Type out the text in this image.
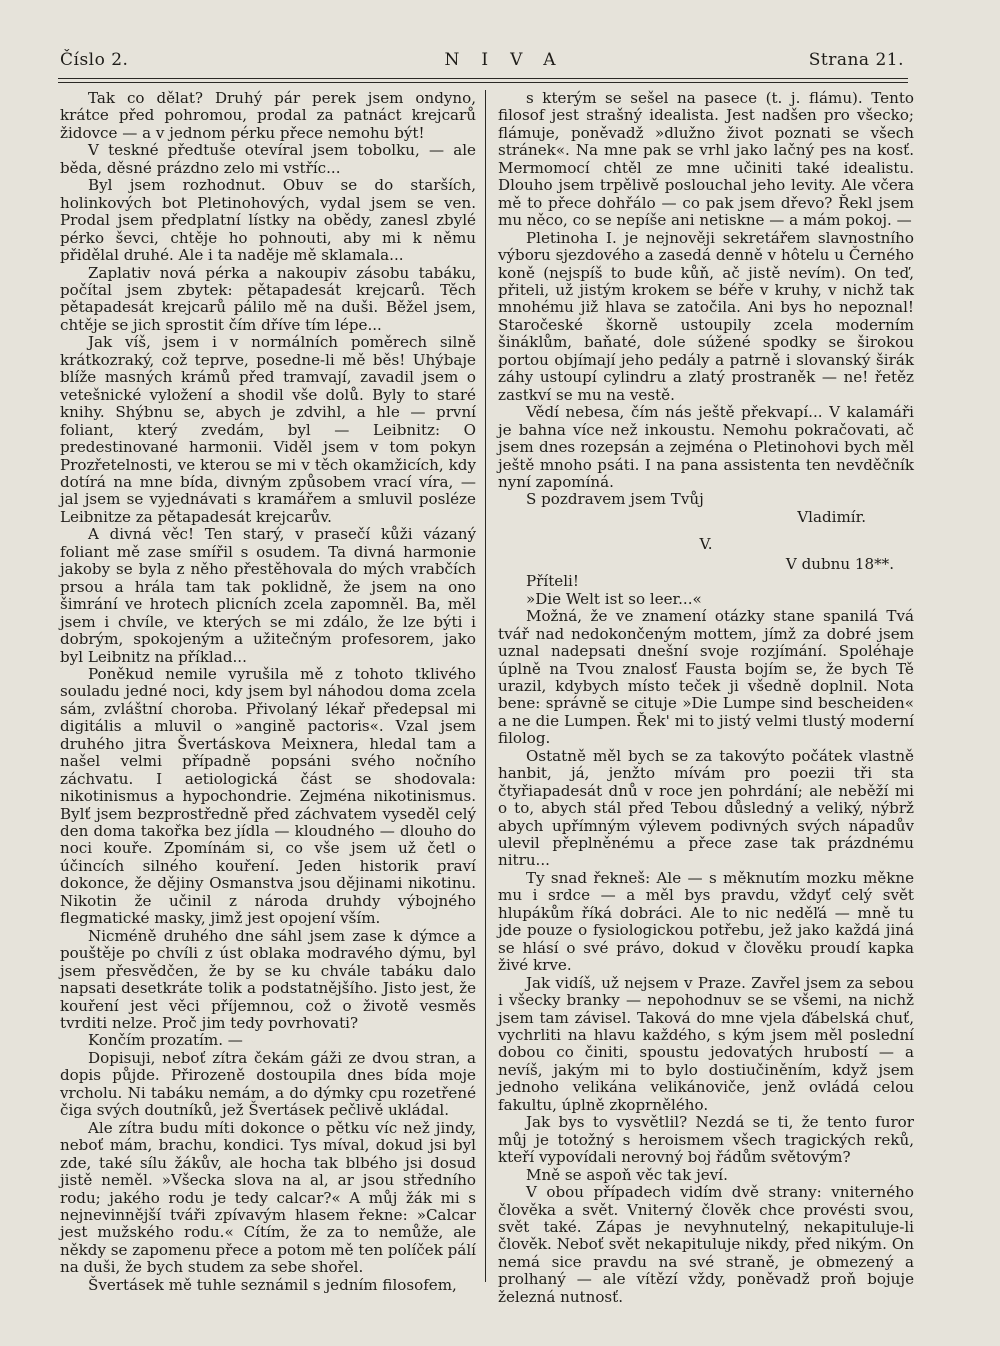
Číslo 2.	NIVA	Strana 21.

Tak co dělat? Druhý pár perek jsem ondyno, krátce před pohromou, prodal za patnáct krejcarů židovce — a v jednom pérku přece nemohu být!

V teskné předtuše otevíral jsem tobolku, — ale běda, děsné prázdno zelo mi vstříc...

Byl jsem rozhodnut. Obuv se do starších, holinkových bot Pletinohových, vydal jsem se ven. Prodal jsem předplatní lístky na obědy, zanesl zbylé pérko ševci, chtěje ho pohnouti, aby mi k němu přidělal druhé. Ale i ta naděje mě sklamala...

Zaplativ nová pérka a nakoupiv zásobu tabáku, počítal jsem zbytek: pětapadesát krejcarů. Těch pětapadesát krejcarů pálilo mě na duši. Běžel jsem, chtěje se jich sprostit čím dříve tím lépe...

Jak víš, jsem i v normálních poměrech silně krátkozraký, což teprve, posedne-li mě běs! Uhýbaje blíže masných krámů před tramvají, zavadil jsem o vetešnické vyložení a shodil vše dolů. Byly to staré knihy. Shýbnu se, abych je zdvihl, a hle — první foliant, který zvedám, byl — Leibnitz: O predestinované harmonii. Viděl jsem v tom pokyn Prozřetelnosti, ve kterou se mi v těch okamžicích, kdy dotírá na mne bída, divným způsobem vrací víra, — jal jsem se vyjednávati s kramářem a smluvil posléze Leibnitze za pětapadesát krejcarův.

A divná věc! Ten starý, v prasečí kůži vázaný foliant mě zase smířil s osudem. Ta divná harmonie jakoby se byla z něho přestěhovala do mých vrabčích prsou a hrála tam tak poklidně, že jsem na ono šimrání ve hrotech plicních zcela zapomněl. Ba, měl jsem i chvíle, ve kterých se mi zdálo, že lze býti i dobrým, spokojeným a užitečným profesorem, jako byl Leibnitz na příklad...

Poněkud nemile vyrušila mě z tohoto tklivého souladu jedné noci, kdy jsem byl náhodou doma zcela sám, zvláštní choroba. Přivolaný lékař předepsal mi digitális a mluvil o »angině pactoris«. Vzal jsem druhého jitra Švertáskova Meixnera, hledal tam a našel velmi případně popsáni svého nočního záchvatu. I aetiologická část se shodovala: nikotinismus a hypochondrie. Zejména nikotinismus. Bylť jsem bezprostředně před záchvatem vyseděl celý den doma takořka bez jídla — kloudného — dlouho do noci kouře. Zpomínám si, co vše jsem už četl o účincích silného kouření. Jeden historik praví dokonce, že dějiny Osmanstva jsou dějinami nikotinu. Nikotin že učinil z národa druhdy výbojného flegmatické masky, jimž jest opojení vším.

Nicméně druhého dne sáhl jsem zase k dýmce a pouštěje po chvíli z úst oblaka modravého dýmu, byl jsem přesvědčen, že by se ku chvále tabáku dalo napsati desetkráte tolik a podstatnějšího. Jisto jest, že kouření jest věci příjemnou, což o životě vesměs tvrditi nelze. Proč jim tedy povrhovati?

Končím prozatím. —

Dopisuji, neboť zítra čekám gáži ze dvou stran, a dopis půjde. Přirozeně dostoupila dnes bída moje vrcholu. Ni tabáku nemám, a do dýmky cpu rozetřené čiga svých doutníků, jež Švertásek pečlivě ukládal.

Ale zítra budu míti dokonce o pětku víc než jindy, neboť mám, brachu, kondici. Tys míval, dokud jsi byl zde, také sílu žákův, ale hocha tak blbého jsi dosud jistě neměl. »Všecka slova na al, ar jsou středního rodu; jakého rodu je tedy calcar?« A můj žák mi s nejnevinnější tváři zpívavým hlasem řekne: »Calcar jest mužského rodu.« Cítím, že za to nemůže, ale někdy se zapomenu přece a potom mě ten políček pálí na duši, že bych studem za sebe shořel.

Švertásek mě tuhle seznámil s jedním filosofem,

s kterým se sešel na pasece (t. j. flámu). Tento filosof jest strašný idealista. Jest nadšen pro všecko; flámuje, poněvadž »dlužno život poznati se všech stránek«. Na mne pak se vrhl jako lačný pes na kosť. Mermomocí chtěl ze mne učiniti také idealistu. Dlouho jsem trpělivě poslouchal jeho levity. Ale včera mě to přece dohřálo — co pak jsem dřevo? Řekl jsem mu něco, co se nepíše ani netiskne — a mám pokoj. —

Pletinoha I. je nejnověji sekretářem slavnostního výboru sjezdového a zasedá denně v hôtelu u Černého koně (nejspíš to bude kůň, ač jistě nevím). On teď, přiteli, už jistým krokem se béře v kruhy, v nichž tak mnohému již hlava se zatočila. Ani bys ho nepoznal! Staročeské škorně ustoupily zcela moderním šináklům, baňaté, dole súžené spodky se širokou portou objímají jeho pedály a patrně i slovanský širák záhy ustoupí cylindru a zlatý prostraněk — ne! řetěz zastkví se mu na vestě.

Vědí nebesa, čím nás ještě překvapí... V kalamáři je bahna více než inkoustu. Nemohu pokračovati, ač jsem dnes rozepsán a zejména o Pletinohovi bych měl ještě mnoho psáti. I na pana assistenta ten nevděčník nyní zapomíná.

S pozdravem jsem Tvůj

Vladimír.
V.
V dubnu 18**.

Příteli!

»Die Welt ist so leer...«

Možná, že ve znamení otázky stane spanilá Tvá tvář nad nedokončeným mottem, jímž za dobré jsem uznal nadepsati dnešní svoje rozjímání. Spoléhaje úplně na Tvou znalosť Fausta bojím se, že bych Tě urazil, kdybych místo teček ji všedně doplnil. Nota bene: správně se cituje »Die Lumpe sind bescheiden« a ne die Lumpen. Řek' mi to jistý velmi tlustý moderní filolog.

Ostatně měl bych se za takovýto počátek vlastně hanbit, já, jenžto mívám pro poezii tři sta čtyřiapadesát dnů v roce jen pohrdání; ale neběží mi o to, abych stál před Tebou důsledný a veliký, nýbrž abych upřímným výlevem podivných svých nápadův ulevil přeplněnému a přece zase tak prázdnému nitru...

Ty snad řekneš: Ale — s měknutím mozku měkne mu i srdce — a měl bys pravdu, vždyť celý svět hlupákům říká dobráci. Ale to nic neděľá — mně tu jde pouze o fysiologickou potřebu, jež jako každá jiná se hlásí o své právo, dokud v člověku proudí kapka živé krve.

Jak vidíš, už nejsem v Praze. Zavřel jsem za sebou i všecky branky — nepohodnuv se se všemi, na nichž jsem tam závisel. Taková do mne vjela ďábelská chuť, vychrliti na hlavu každého, s kým jsem měl poslední dobou co činiti, spoustu jedovatých hrubostí — a nevíš, jakým mi to bylo dostiučiněním, když jsem jednoho velikána velikánoviče, jenž ovládá celou fakultu, úplně zkoprnělého.

Jak bys to vysvětlil? Nezdá se ti, že tento furor můj je totožný s heroismem všech tragických reků, kteří vypovídali nerovný boj řádům světovým?

Mně se aspoň věc tak jeví.

V obou případech vidím dvě strany: vniterného člověka a svět. Vniterný člověk chce provésti svou, svět také. Zápas je nevyhnutelný, nekapituluje-li člověk. Neboť svět nekapituluje nikdy, před nikým. On nemá sice pravdu na své straně, je obmezený a prolhaný — ale vítězí vždy, poněvadž proň bojuje železná nutnosť.
